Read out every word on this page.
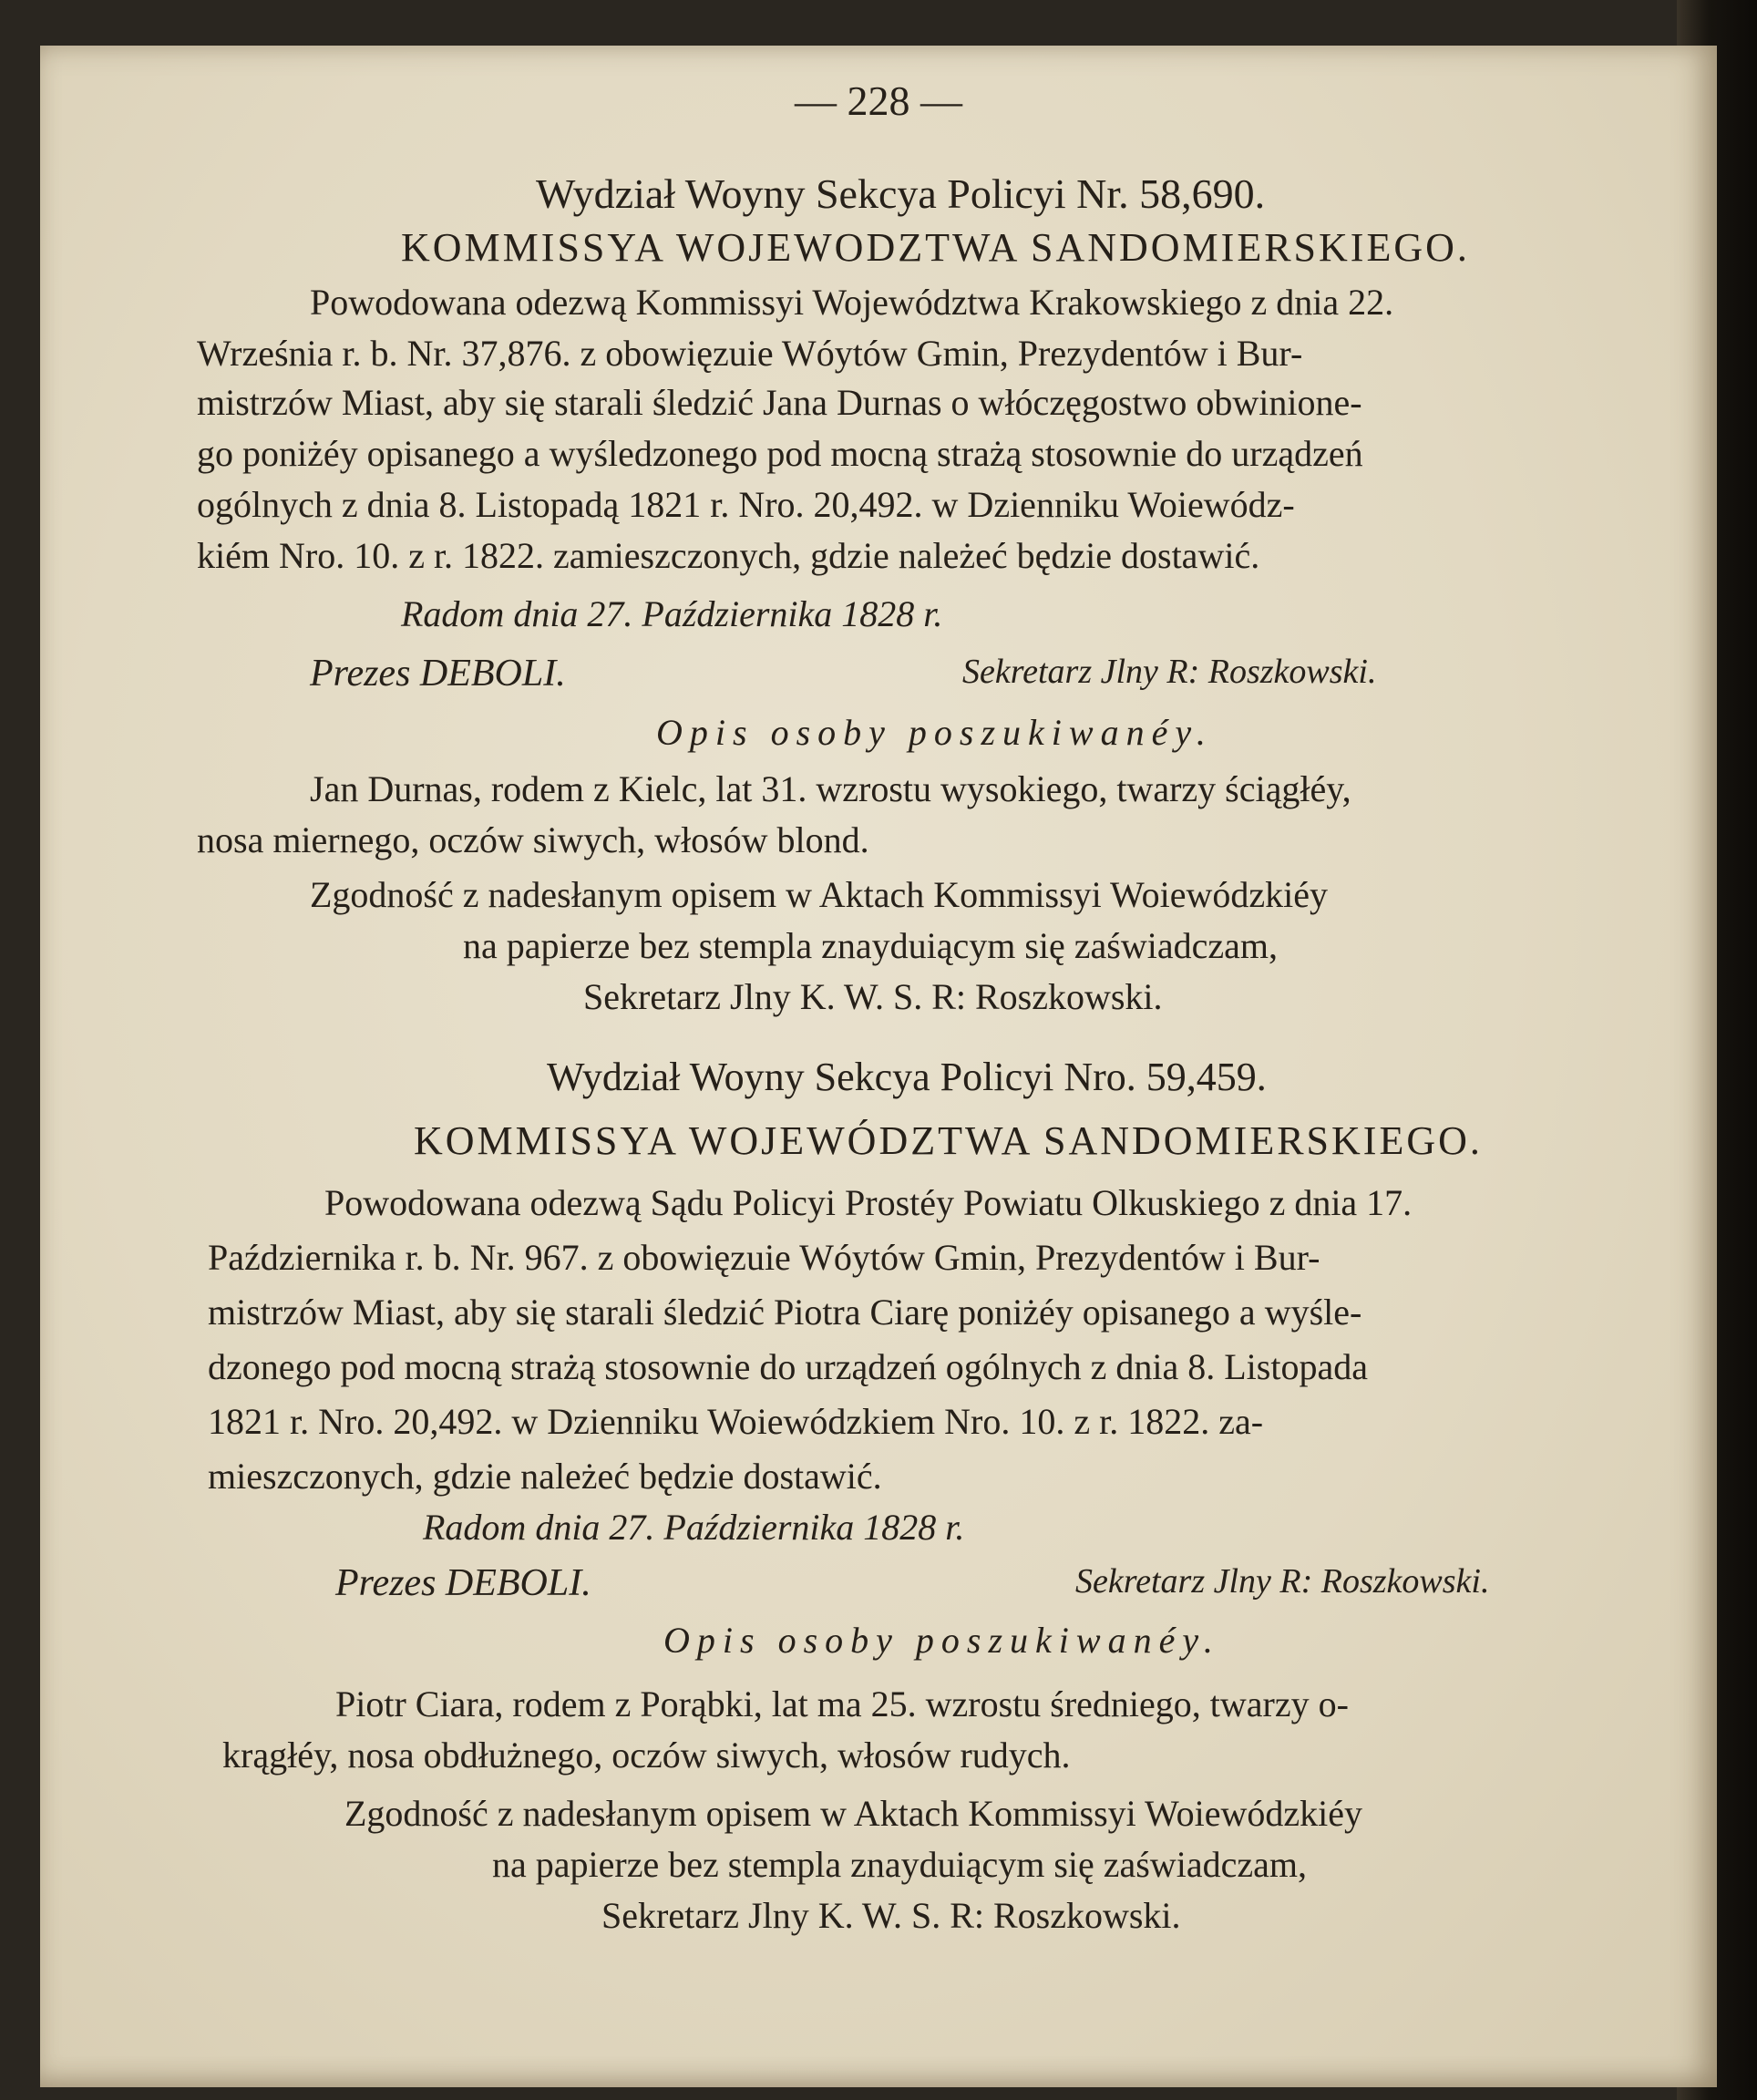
— 228 —
Wydział Woyny Sekcya Policyi Nr. 58,690.
KOMMISSYA WOJEWODZTWA SANDOMIERSKIEGO.
Powodowana odezwą Kommissyi Województwa Krakowskiego z dnia 22.
Września r. b. Nr. 37,876. z obowięzuie Wóytów Gmin, Prezydentów i Bur-
mistrzów Miast, aby się starali śledzić Jana Durnas o włóczęgostwo obwinione-
go poniżéy opisanego a wyśledzonego pod mocną strażą stosownie do urządzeń
ogólnych z dnia 8. Listopadą 1821 r. Nro. 20,492. w Dzienniku Woiewódz-
kiém Nro. 10. z r. 1822. zamieszczonych, gdzie należeć będzie dostawić.
Radom dnia 27. Października 1828 r.
Prezes DEBOLI.	Sekretarz Jlny R: Roszkowski.
Opis osoby poszukiwanéy.
Jan Durnas, rodem z Kielc, lat 31. wzrostu wysokiego, twarzy ściągłéy,
nosa miernego, oczów siwych, włosów blond.
Zgodność z nadesłanym opisem w Aktach Kommissyi Woiewódzkiéy
na papierze bez stempla znayduiącym się zaświadczam,
Sekretarz Jlny K. W. S. R: Roszkowski.
Wydział Woyny Sekcya Policyi Nro. 59,459.
KOMMISSYA WOJEWÓDZTWA SANDOMIERSKIEGO.
Powodowana odezwą Sądu Policyi Prostéy Powiatu Olkuskiego z dnia 17.
Października r. b. Nr. 967. z obowięzuie Wóytów Gmin, Prezydentów i Bur-
mistrzów Miast, aby się starali śledzić Piotra Ciarę poniżéy opisanego a wyśle-
dzonego pod mocną strażą stosownie do urządzeń ogólnych z dnia 8. Listopada
1821 r. Nro. 20,492. w Dzienniku Woiewódzkiem Nro. 10. z r. 1822. za-
mieszczonych, gdzie należeć będzie dostawić.
Radom dnia 27. Października 1828 r.
Prezes DEBOLI.	Sekretarz Jlny R: Roszkowski.
Opis osoby poszukiwanéy.
Piotr Ciara, rodem z Porąbki, lat ma 25. wzrostu średniego, twarzy o-
krągłéy, nosa obdłużnego, oczów siwych, włosów rudych.
Zgodność z nadesłanym opisem w Aktach Kommissyi Woiewódzkiéy
na papierze bez stempla znayduiącym się zaświadczam,
Sekretarz Jlny K. W. S. R: Roszkowski.
